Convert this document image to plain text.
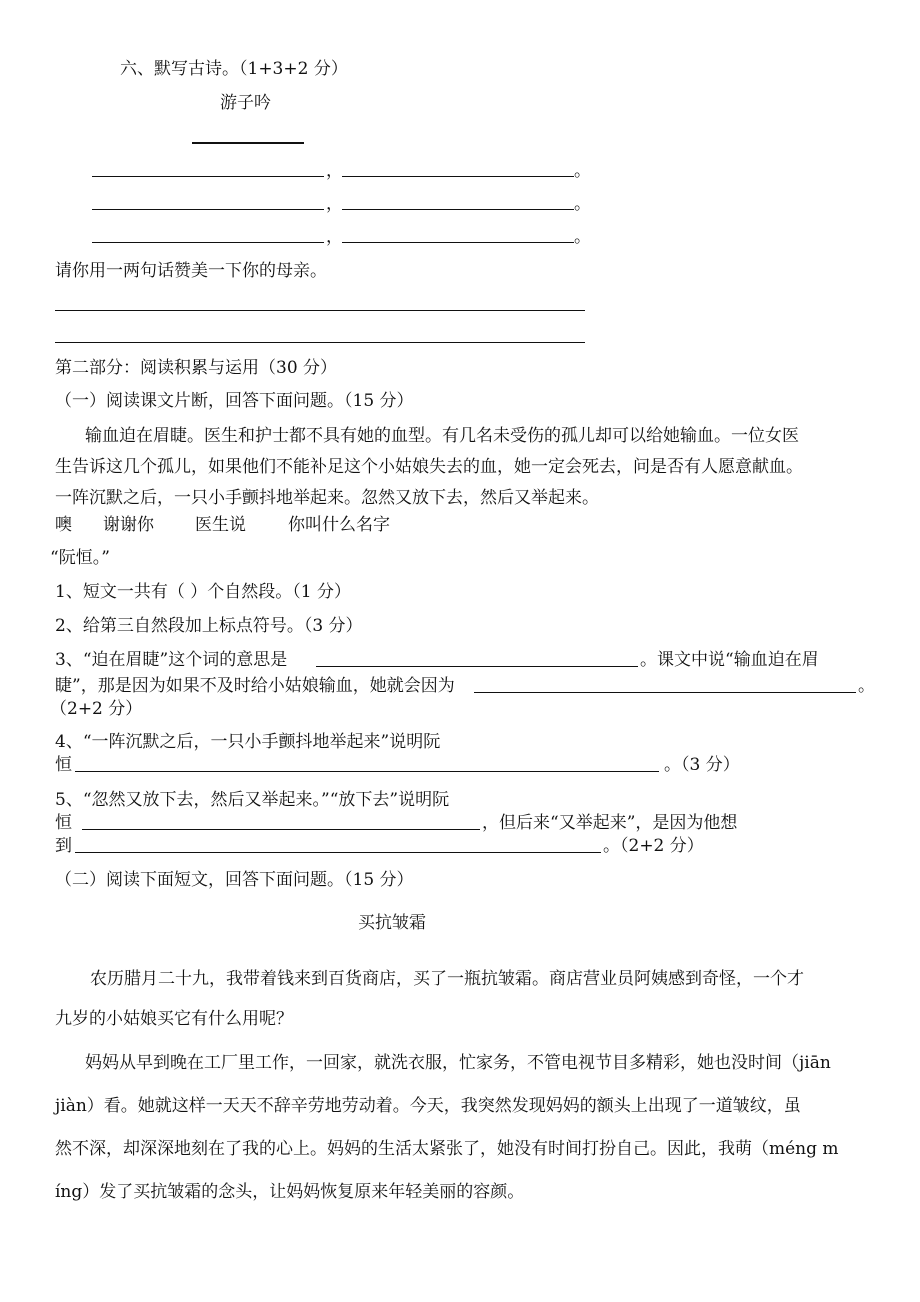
六、默写古诗。（1+3+2 分）
游子吟
，	。
，	。
，	。
请你用一两句话赞美一下你的母亲。
第二部分：阅读积累与运用（30 分）
（一）阅读课文片断，回答下面问题。（15 分）
输血迫在眉睫。医生和护士都不具有她的血型。有几名未受伤的孤儿却可以给她输血。一位女医
生告诉这几个孤儿，如果他们不能补足这个小姑娘失去的血，她一定会死去，问是否有人愿意献血。
一阵沉默之后，一只小手颤抖地举起来。忽然又放下去，然后又举起来。
噢 谢谢你 医生说 你叫什么名字
“阮恒。”
1、短文一共有（ ）个自然段。（1 分）
2、给第三自然段加上标点符号。（3 分）
3、“迫在眉睫”这个词的意思是	。课文中说“输血迫在眉
睫”，那是因为如果不及时给小姑娘输血，她就会因为	。
（2+2 分）
4、“一阵沉默之后，一只小手颤抖地举起来”说明阮
恒	。（3 分）
5、“忽然又放下去，然后又举起来。”“放下去”说明阮
恒	，但后来“又举起来”，是因为他想
到	。（2+2 分）
（二）阅读下面短文，回答下面问题。（15 分）
买抗皱霜
农历腊月二十九，我带着钱来到百货商店，买了一瓶抗皱霜。商店营业员阿姨感到奇怪，一个才
九岁的小姑娘买它有什么用呢？
妈妈从早到晚在工厂里工作，一回家，就洗衣服，忙家务，不管电视节目多精彩，她也没时间（jiān
jiàn）看。她就这样一天天不辞辛劳地劳动着。今天，我突然发现妈妈的额头上出现了一道皱纹，虽
然不深，却深深地刻在了我的心上。妈妈的生活太紧张了，她没有时间打扮自己。因此，我萌（méng m
íng）发了买抗皱霜的念头，让妈妈恢复原来年轻美丽的容颜。
